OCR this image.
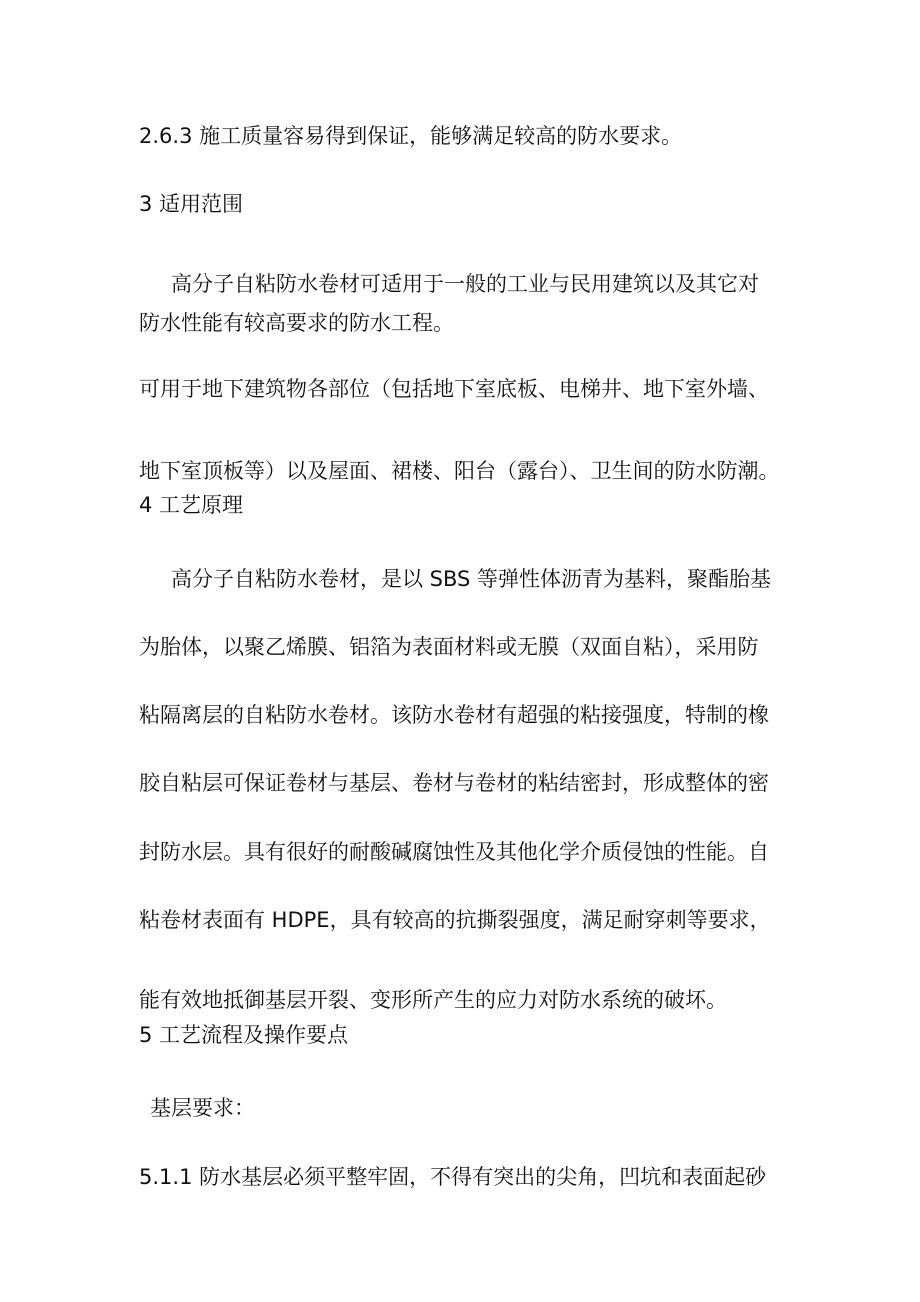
2.6.3 施工质量容易得到保证，能够满足较高的防水要求。
3 适用范围
高分子自粘防水卷材可适用于一般的工业与民用建筑以及其它对
防水性能有较高要求的防水工程。
可用于地下建筑物各部位（包括地下室底板、电梯井、地下室外墙、
地下室顶板等）以及屋面、裙楼、阳台（露台）、卫生间的防水防潮。
4 工艺原理
高分子自粘防水卷材，是以 SBS 等弹性体沥青为基料，聚酯胎基
为胎体，以聚乙烯膜、铝箔为表面材料或无膜（双面自粘），采用防
粘隔离层的自粘防水卷材。该防水卷材有超强的粘接强度，特制的橡
胶自粘层可保证卷材与基层、卷材与卷材的粘结密封，形成整体的密
封防水层。具有很好的耐酸碱腐蚀性及其他化学介质侵蚀的性能。自
粘卷材表面有 HDPE，具有较高的抗撕裂强度，满足耐穿刺等要求，
能有效地抵御基层开裂、变形所产生的应力对防水系统的破坏。
5 工艺流程及操作要点
基层要求：
5.1.1 防水基层必须平整牢固，不得有突出的尖角，凹坑和表面起砂
